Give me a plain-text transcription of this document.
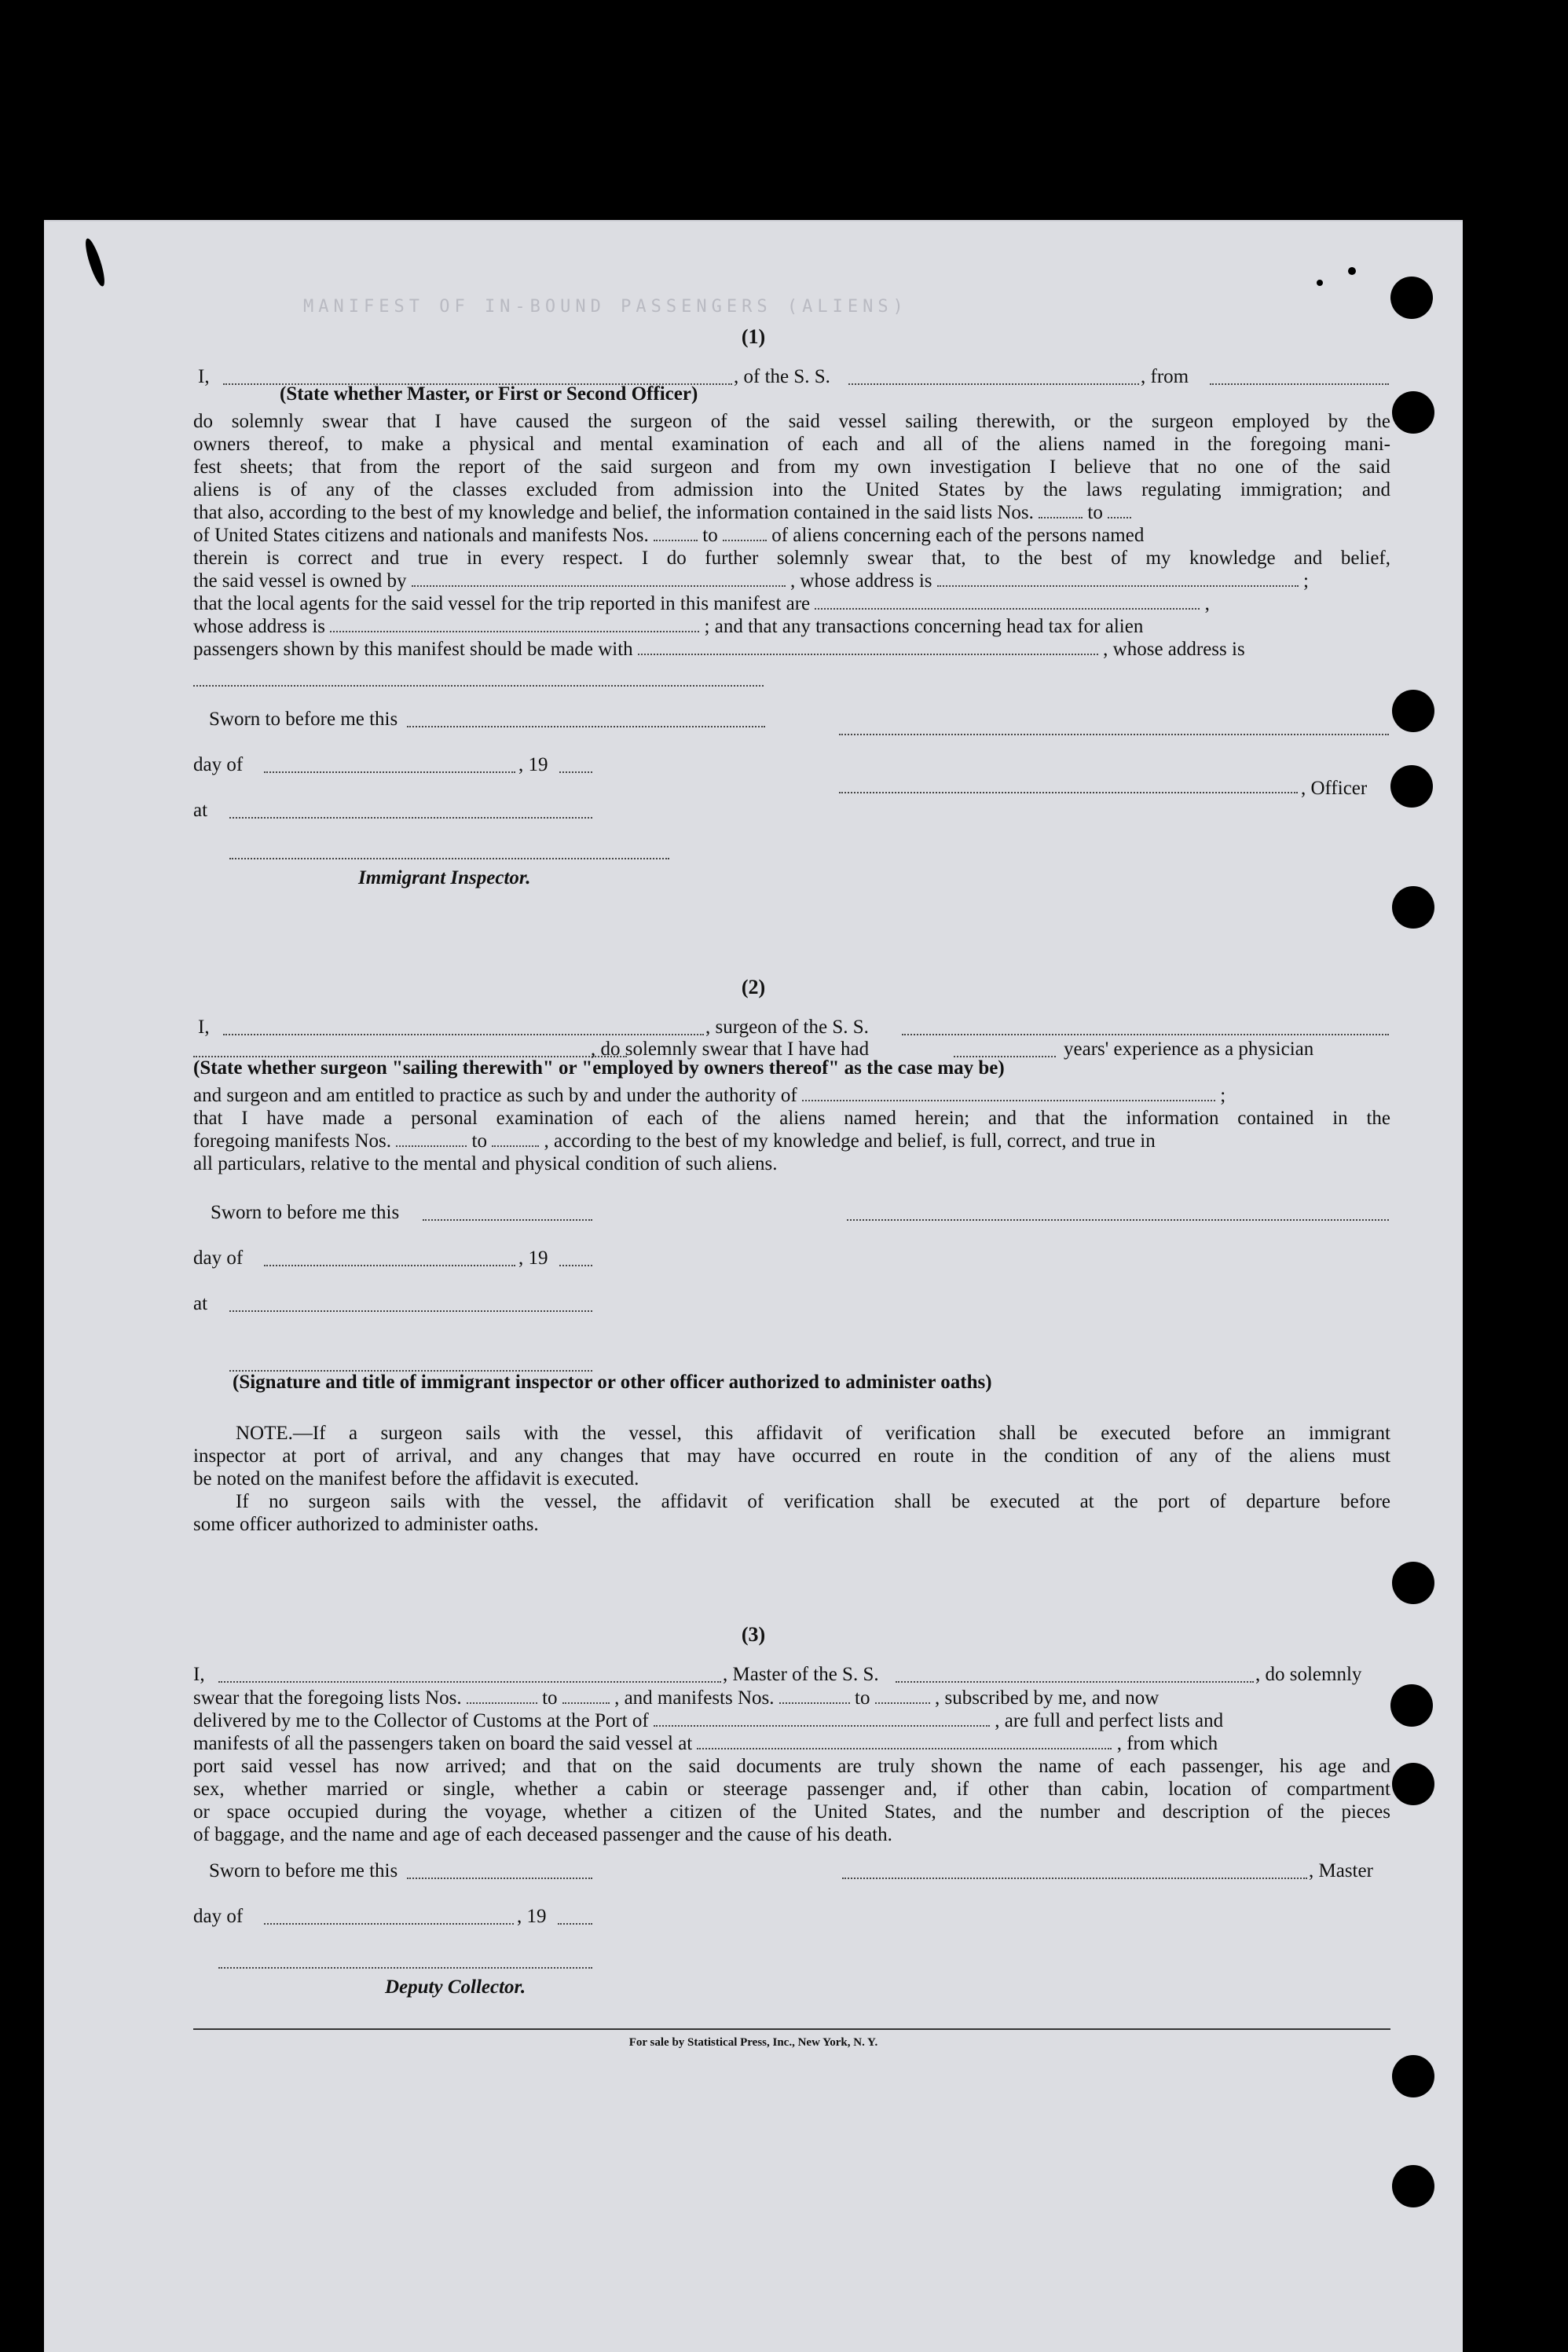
MANIFEST OF IN-BOUND PASSENGERS (ALIENS)
(1)
I,	, of the S. S.	, from
(State whether Master, or First or Second Officer)
do solemnly swear that I have caused the surgeon of the said vessel sailing therewith, or the surgeon employed by the
owners thereof, to make a physical and mental examination of each and all of the aliens named in the foregoing mani-
fest sheets; that from the report of the said surgeon and from my own investigation I believe that no one of the said
aliens is of any of the classes excluded from admission into the United States by the laws regulating immigration; and
that also, according to the best of my knowledge and belief, the information contained in the said lists Nos.	to
of United States citizens and nationals and manifests Nos.	to	of aliens concerning each of the persons named
therein is correct and true in every respect. I do further solemnly swear that, to the best of my knowledge and belief,
the said vessel is owned by	, whose address is	;
that the local agents for the said vessel for the trip reported in this manifest are	,
whose address is	; and that any transactions concerning head tax for alien
passengers shown by this manifest should be made with	, whose address is
Sworn to before me this
day of	, 19
, Officer
at
Immigrant Inspector.
(2)
I,	, surgeon of the S. S.
, do solemnly swear that I have had	years' experience as a physician
(State whether surgeon "sailing therewith" or "employed by owners thereof" as the case may be)
and surgeon and am entitled to practice as such by and under the authority of	;
that I have made a personal examination of each of the aliens named herein; and that the information contained in the
foregoing manifests Nos.	to	, according to the best of my knowledge and belief, is full, correct, and true in
all particulars, relative to the mental and physical condition of such aliens.
Sworn to before me this
day of	, 19
at
(Signature and title of immigrant inspector or other officer authorized to administer oaths)
NOTE.—If a surgeon sails with the vessel, this affidavit of verification shall be executed before an immigrant
inspector at port of arrival, and any changes that may have occurred en route in the condition of any of the aliens must
be noted on the manifest before the affidavit is executed.
If no surgeon sails with the vessel, the affidavit of verification shall be executed at the port of departure before
some officer authorized to administer oaths.
(3)
I,	, Master of the S. S.	, do solemnly
swear that the foregoing lists Nos.	to	, and manifests Nos.	to	, subscribed by me, and now
delivered by me to the Collector of Customs at the Port of	, are full and perfect lists and
manifests of all the passengers taken on board the said vessel at	, from which
port said vessel has now arrived; and that on the said documents are truly shown the name of each passenger, his age and
sex, whether married or single, whether a cabin or steerage passenger and, if other than cabin, location of compartment
or space occupied during the voyage, whether a citizen of the United States, and the number and description of the pieces
of baggage, and the name and age of each deceased passenger and the cause of his death.
Sworn to before me this	, Master
day of	, 19
Deputy Collector.
For sale by Statistical Press, Inc., New York, N. Y.
